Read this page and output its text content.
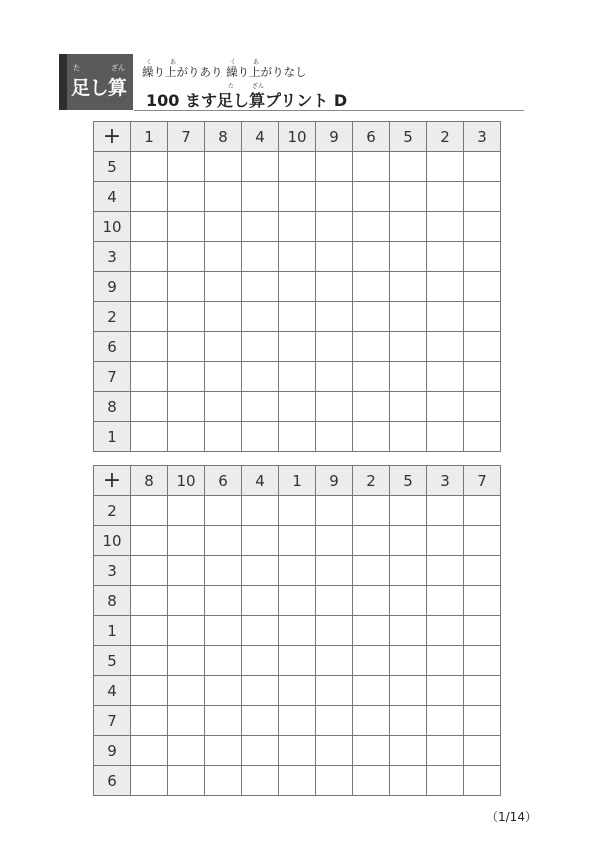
た	ざん
足し算
く	あ	く	あ
繰り上がりあり 繰り上がりなし
た	ざん
100 ます足し算プリント D
+	1	7	8	4	10	9	6	5	2	3
5										
4										
10										
3										
9										
2										
6										
7										
8										
1										
+	8	10	6	4	1	9	2	5	3	7
2										
10										
3										
8										
1										
5										
4										
7										
9										
6										
（1/14）
